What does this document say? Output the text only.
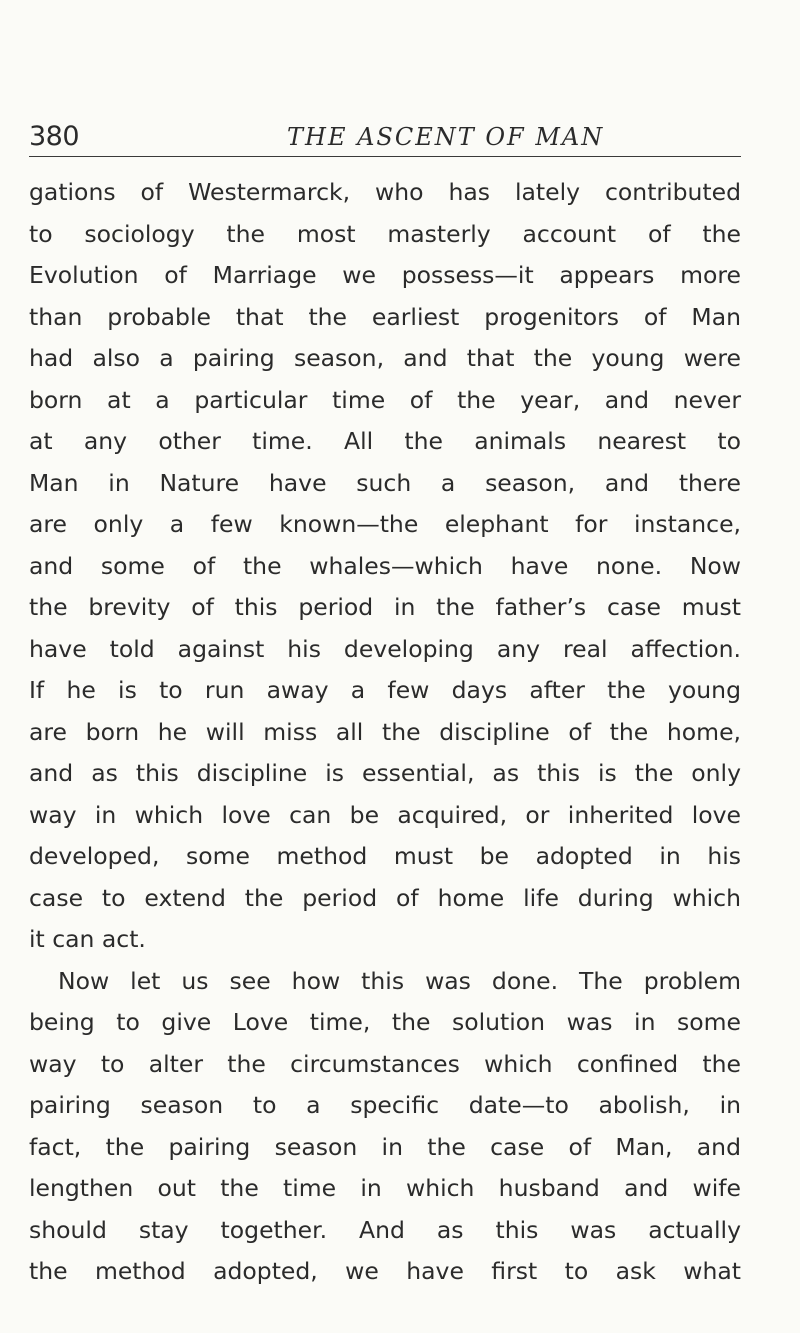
380	THE ASCENT OF MAN
gations of Westermarck, who has lately contributed
to sociology the most masterly account of the
Evolution of Marriage we possess—it appears more
than probable that the earliest progenitors of Man
had also a pairing season, and that the young were
born at a particular time of the year, and never
at any other time. All the animals nearest to
Man in Nature have such a season, and there
are only a few known—the elephant for instance,
and some of the whales—which have none. Now
the brevity of this period in the father’s case must
have told against his developing any real affection.
If he is to run away a few days after the young
are born he will miss all the discipline of the home,
and as this discipline is essential, as this is the only
way in which love can be acquired, or inherited love
developed, some method must be adopted in his
case to extend the period of home life during which
it can act.
Now let us see how this was done. The problem
being to give Love time, the solution was in some
way to alter the circumstances which confined the
pairing season to a specific date—to abolish, in
fact, the pairing season in the case of Man, and
lengthen out the time in which husband and wife
should stay together. And as this was actually
the method adopted, we have first to ask what
